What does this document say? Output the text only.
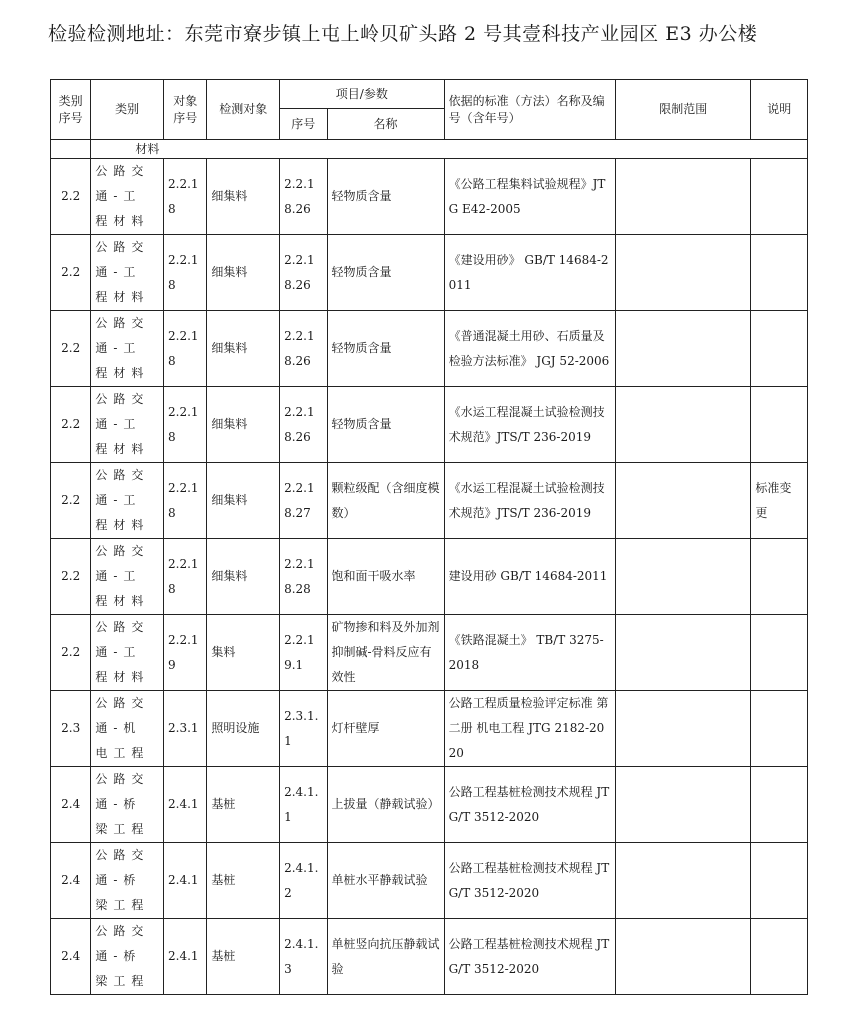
检验检测地址：东莞市寮步镇上屯上岭贝矿头路 2 号其壹科技产业园区 E3 办公楼
类别序号	类别	对象序号	检测对象	项目/参数		依据的标准（方法）名称及编号（含年号）	限制范围	说明
				序号	名称			
	材料							
2.2	公路交通-工程材料	2.2.18	细集料	2.2.18.26	轻物质含量	《公路工程集料试验规程》JTG E42-2005		
2.2	公路交通-工程材料	2.2.18	细集料	2.2.18.26	轻物质含量	《建设用砂》 GB/T 14684-2011		
2.2	公路交通-工程材料	2.2.18	细集料	2.2.18.26	轻物质含量	《普通混凝土用砂、石质量及检验方法标准》 JGJ 52-2006		
2.2	公路交通-工程材料	2.2.18	细集料	2.2.18.26	轻物质含量	《水运工程混凝土试验检测技术规范》JTS/T 236-2019		
2.2	公路交通-工程材料	2.2.18	细集料	2.2.18.27	颗粒级配（含细度模数）	《水运工程混凝土试验检测技术规范》JTS/T 236-2019		标准变更
2.2	公路交通-工程材料	2.2.18	细集料	2.2.18.28	饱和面干吸水率	建设用砂 GB/T 14684-2011		
2.2	公路交通-工程材料	2.2.19	集料	2.2.19.1	矿物掺和料及外加剂抑制碱-骨料反应有效性	《铁路混凝土》 TB/T 3275-2018		
2.3	公路交通-机电工程	2.3.1	照明设施	2.3.1.1	灯杆壁厚	公路工程质量检验评定标准 第二册 机电工程 JTG 2182-2020		
2.4	公路交通-桥梁工程	2.4.1	基桩	2.4.1.1	上拔量（静载试验）	公路工程基桩检测技术规程 JTG/T 3512-2020		
2.4	公路交通-桥梁工程	2.4.1	基桩	2.4.1.2	单桩水平静载试验	公路工程基桩检测技术规程 JTG/T 3512-2020		
2.4	公路交通-桥梁工程	2.4.1	基桩	2.4.1.3	单桩竖向抗压静载试验	公路工程基桩检测技术规程 JTG/T 3512-2020		
